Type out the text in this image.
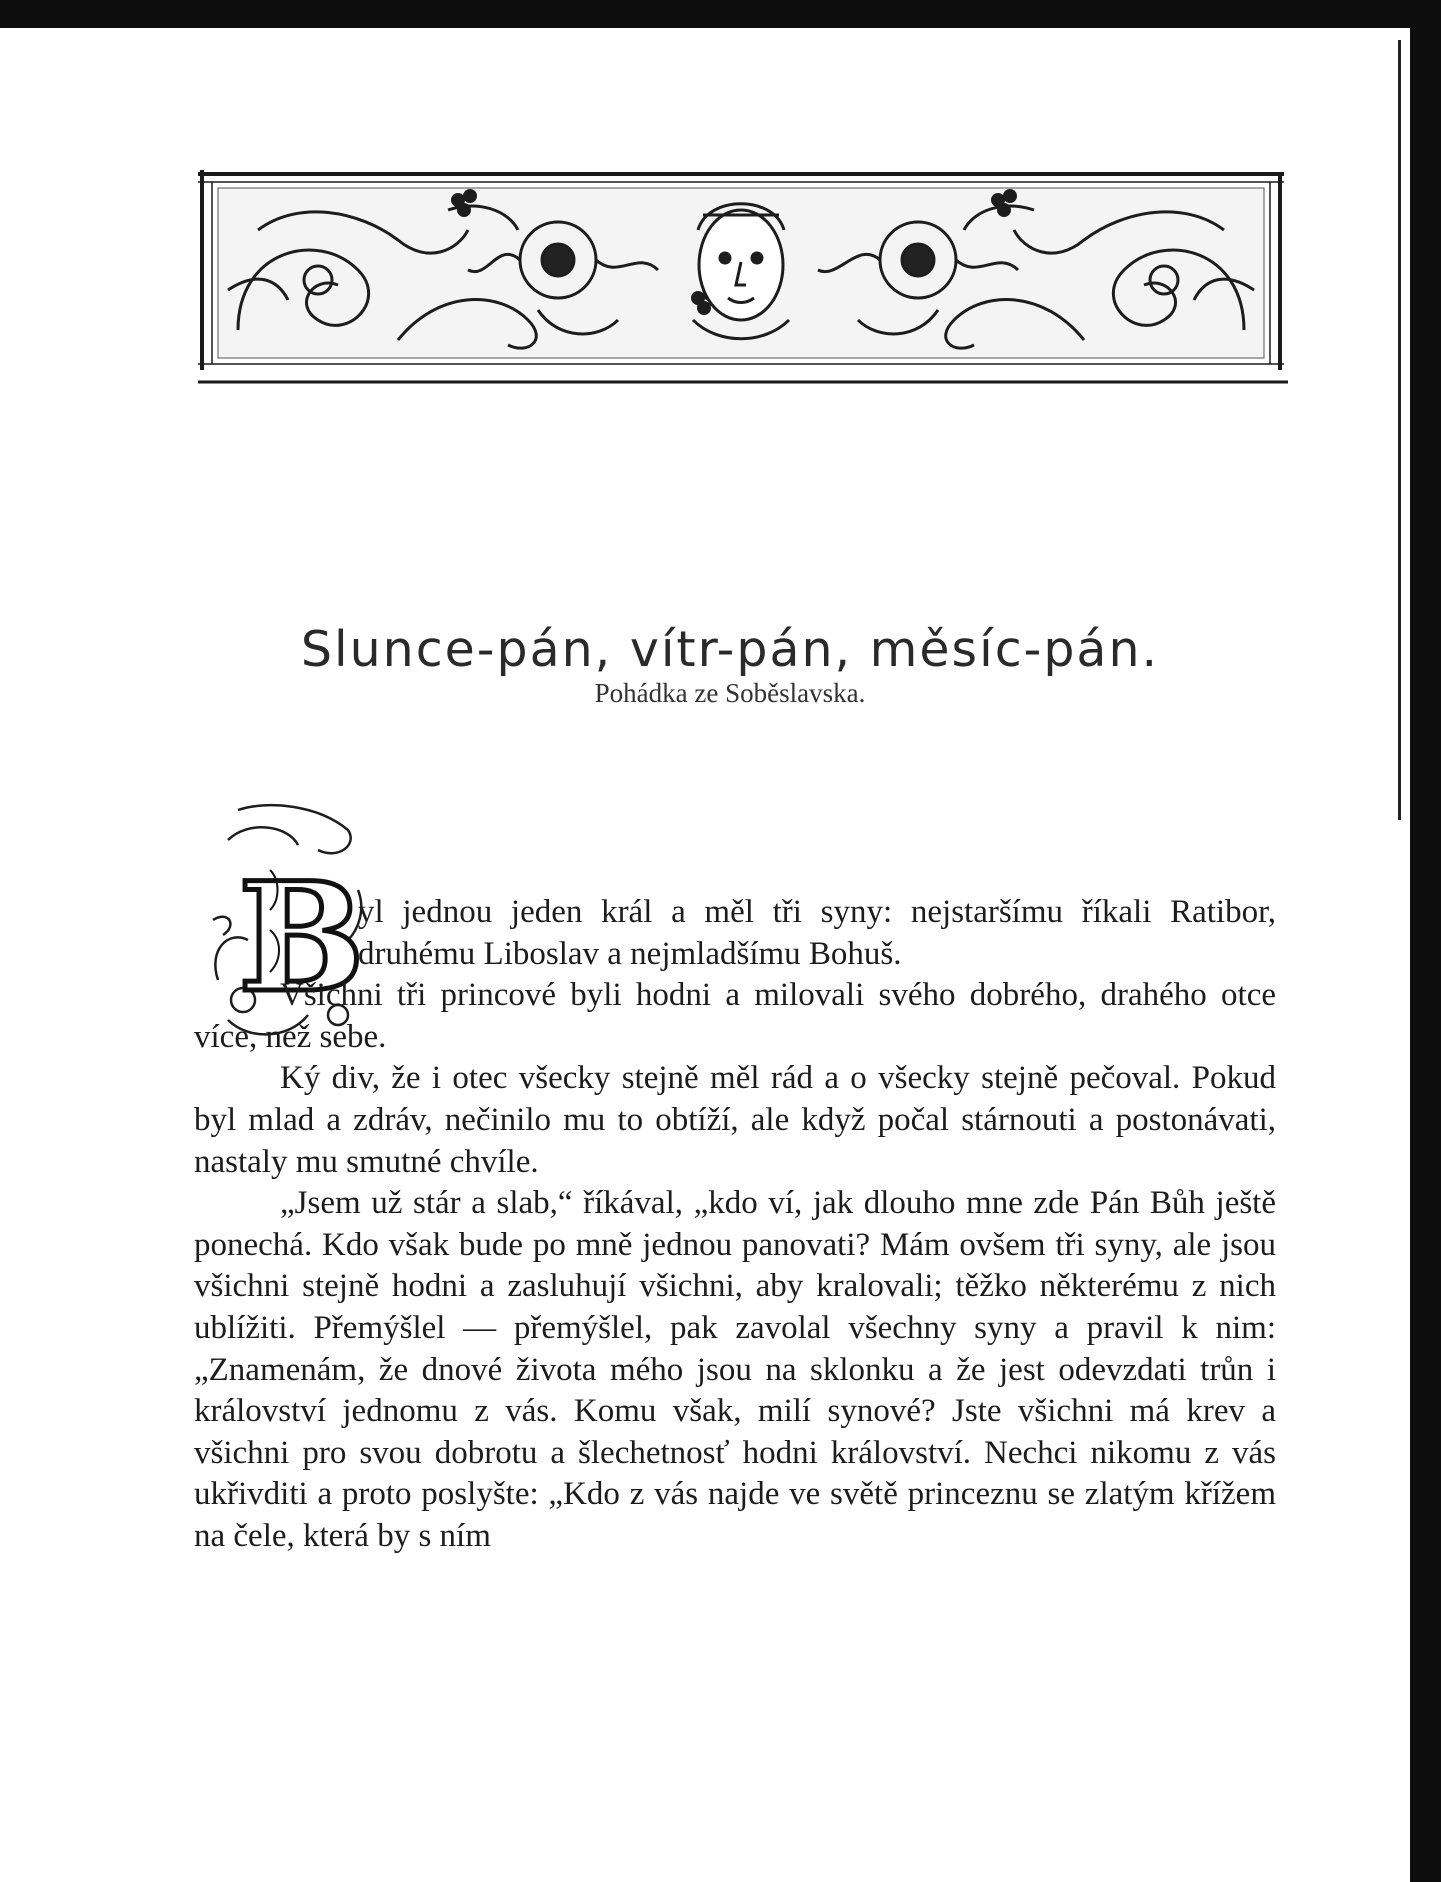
Slunce-pán, vítr-pán, měsíc-pán.
Pohádka ze Soběslavska.
B

yl jednou jeden král a měl tři syny: nejstaršímu říkali Ratibor, druhému Liboslav a nejmladšímu Bohuš.

Všichni tři princové byli hodni a milovali svého dobrého, drahého otce více, než sebe.

Ký div, že i otec všecky stejně měl rád a o všecky stejně pečoval. Pokud byl mlad a zdráv, nečinilo mu to obtíží, ale když počal stárnouti a postonávati, nastaly mu smutné chvíle.

„Jsem už stár a slab,“ říkával, „kdo ví, jak dlouho mne zde Pán Bůh ještě ponechá. Kdo však bude po mně jednou panovati? Mám ovšem tři syny, ale jsou všichni stejně hodni a zasluhují všichni, aby kralovali; těžko některému z nich ublížiti. Přemýšlel — přemýšlel, pak zavolal všechny syny a pravil k nim: „Znamenám, že dnové života mého jsou na sklonku a že jest odevzdati trůn i království jednomu z vás. Komu však, milí synové? Jste všichni má krev a všichni pro svou dobrotu a šlechetnosť hodni království. Nechci nikomu z vás ukřivditi a proto poslyšte: „Kdo z vás najde ve světě princeznu se zlatým křížem na čele, která by s ním
